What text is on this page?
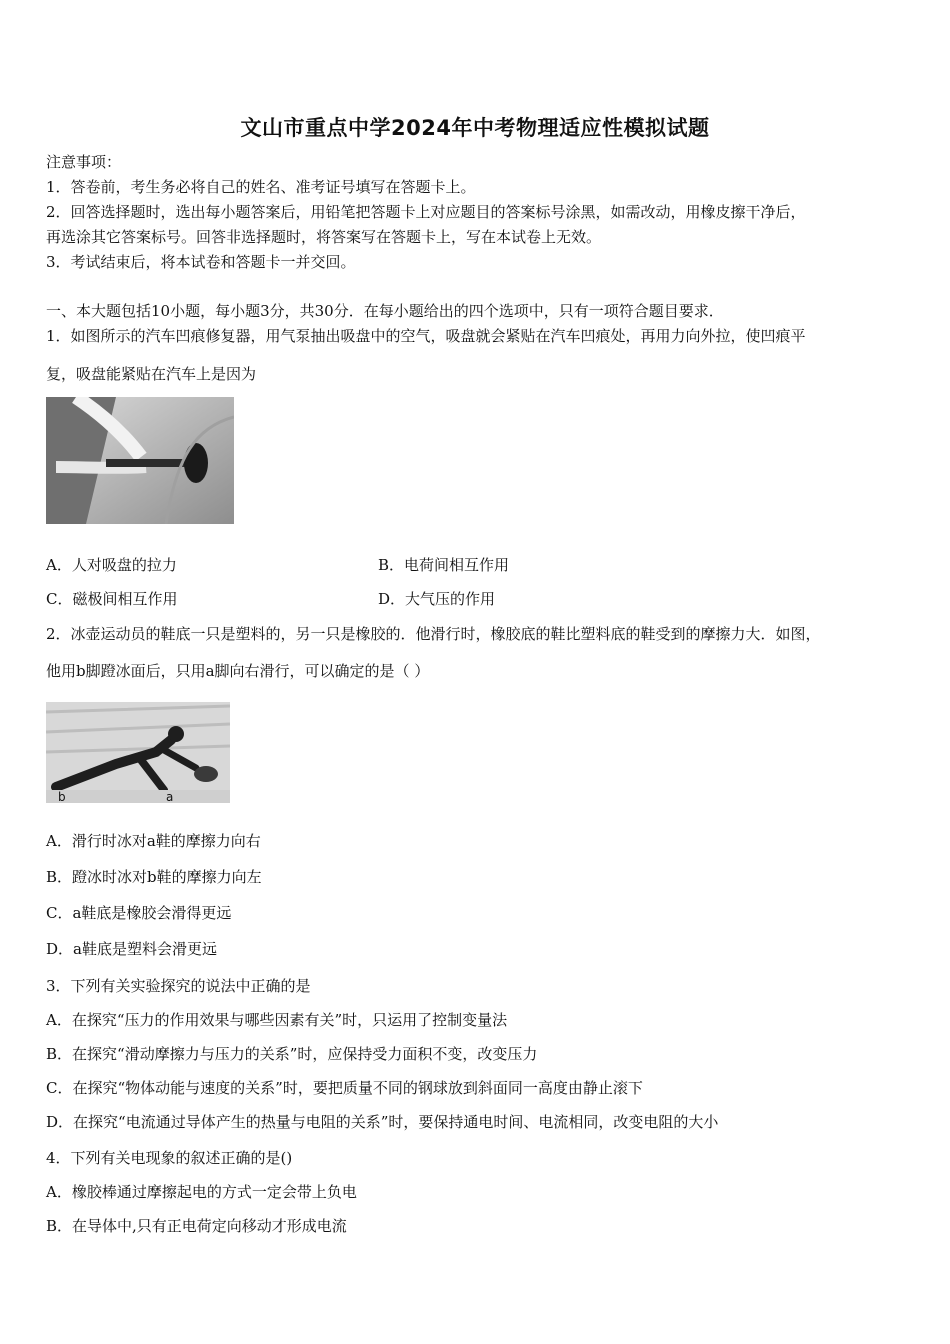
文山市重点中学2024年中考物理适应性模拟试题
注意事项：
1．答卷前，考生务必将自己的姓名、准考证号填写在答题卡上。
2．回答选择题时，选出每小题答案后，用铅笔把答题卡上对应题目的答案标号涂黑，如需改动，用橡皮擦干净后，
再选涂其它答案标号。回答非选择题时，将答案写在答题卡上，写在本试卷上无效。
3．考试结束后，将本试卷和答题卡一并交回。
一、本大题包括10小题，每小题3分，共30分．在每小题给出的四个选项中，只有一项符合题目要求．
1．如图所示的汽车凹痕修复器，用气泵抽出吸盘中的空气，吸盘就会紧贴在汽车凹痕处，再用力向外拉，使凹痕平
复，吸盘能紧贴在汽车上是因为
A．人对吸盘的拉力	B．电荷间相互作用
C．磁极间相互作用	D．大气压的作用
2．冰壶运动员的鞋底一只是塑料的，另一只是橡胶的．他滑行时，橡胶底的鞋比塑料底的鞋受到的摩擦力大．如图，
他用b脚蹬冰面后，只用a脚向右滑行，可以确定的是（ ）
b	a
A．滑行时冰对a鞋的摩擦力向右
B．蹬冰时冰对b鞋的摩擦力向左
C．a鞋底是橡胶会滑得更远
D．a鞋底是塑料会滑更远
3．下列有关实验探究的说法中正确的是
A．在探究“压力的作用效果与哪些因素有关”时，只运用了控制变量法
B．在探究“滑动摩擦力与压力的关系”时，应保持受力面积不变，改变压力
C．在探究“物体动能与速度的关系”时，要把质量不同的钢球放到斜面同一高度由静止滚下
D．在探究“电流通过导体产生的热量与电阻的关系”时，要保持通电时间、电流相同，改变电阻的大小
4．下列有关电现象的叙述正确的是()
A．橡胶棒通过摩擦起电的方式一定会带上负电
B．在导体中,只有正电荷定向移动才形成电流
